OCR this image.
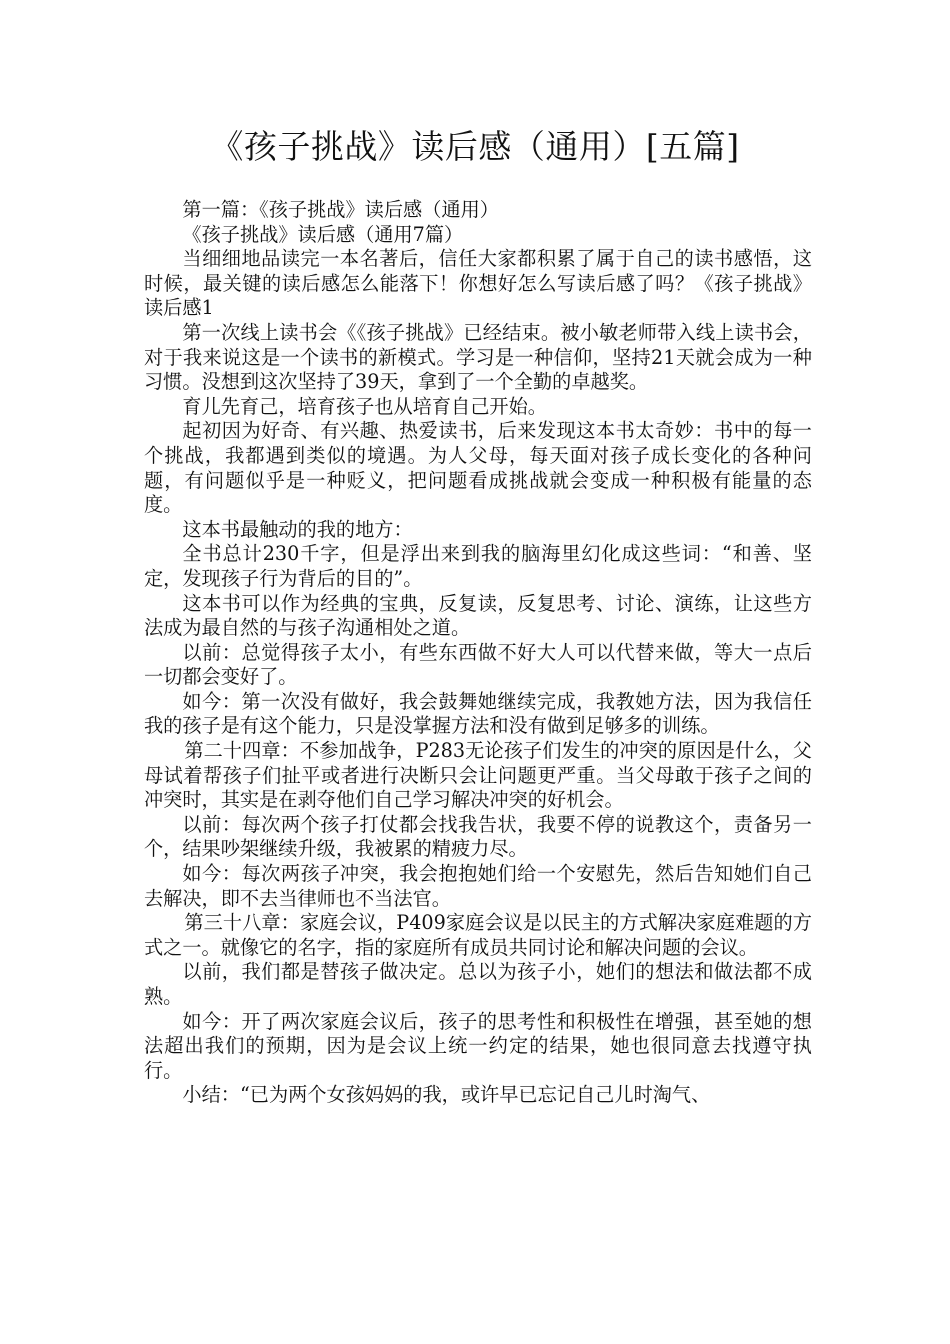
《孩子挑战》读后感（通用）[五篇]

第一篇：《孩子挑战》读后感（通用）

《孩子挑战》读后感（通用7篇）

当细细地品读完一本名著后，信任大家都积累了属于自己的读书感悟，这时候，最关键的读后感怎么能落下！你想好怎么写读后感了吗？《孩子挑战》读后感1

第一次线上读书会《《孩子挑战》已经结束。被小敏老师带入线上读书会，对于我来说这是一个读书的新模式。学习是一种信仰，坚持21天就会成为一种习惯。没想到这次坚持了39天，拿到了一个全勤的卓越奖。

育儿先育己，培育孩子也从培育自己开始。

起初因为好奇、有兴趣、热爱读书，后来发现这本书太奇妙：书中的每一个挑战，我都遇到类似的境遇。为人父母，每天面对孩子成长变化的各种问题，有问题似乎是一种贬义，把问题看成挑战就会变成一种积极有能量的态度。

这本书最触动的我的地方：

全书总计230千字，但是浮出来到我的脑海里幻化成这些词：“和善、坚定，发现孩子行为背后的目的”。

这本书可以作为经典的宝典，反复读，反复思考、讨论、演练，让这些方法成为最自然的与孩子沟通相处之道。

以前：总觉得孩子太小，有些东西做不好大人可以代替来做，等大一点后一切都会变好了。

如今：第一次没有做好，我会鼓舞她继续完成，我教她方法，因为我信任我的孩子是有这个能力，只是没掌握方法和没有做到足够多的训练。

第二十四章：不参加战争，P283无论孩子们发生的冲突的原因是什么，父母试着帮孩子们扯平或者进行决断只会让问题更严重。当父母敢于孩子之间的冲突时，其实是在剥夺他们自己学习解决冲突的好机会。

以前：每次两个孩子打仗都会找我告状，我要不停的说教这个，责备另一个，结果吵架继续升级，我被累的精疲力尽。

如今：每次两孩子冲突，我会抱抱她们给一个安慰先，然后告知她们自己去解决，即不去当律师也不当法官。

第三十八章：家庭会议，P409家庭会议是以民主的方式解决家庭难题的方式之一。就像它的名字，指的家庭所有成员共同讨论和解决问题的会议。

以前，我们都是替孩子做决定。总以为孩子小，她们的想法和做法都不成熟。

如今：开了两次家庭会议后，孩子的思考性和积极性在增强，甚至她的想法超出我们的预期，因为是会议上统一约定的结果，她也很同意去找遵守执行。

小结：“已为两个女孩妈妈的我，或许早已忘记自己儿时淘气、
